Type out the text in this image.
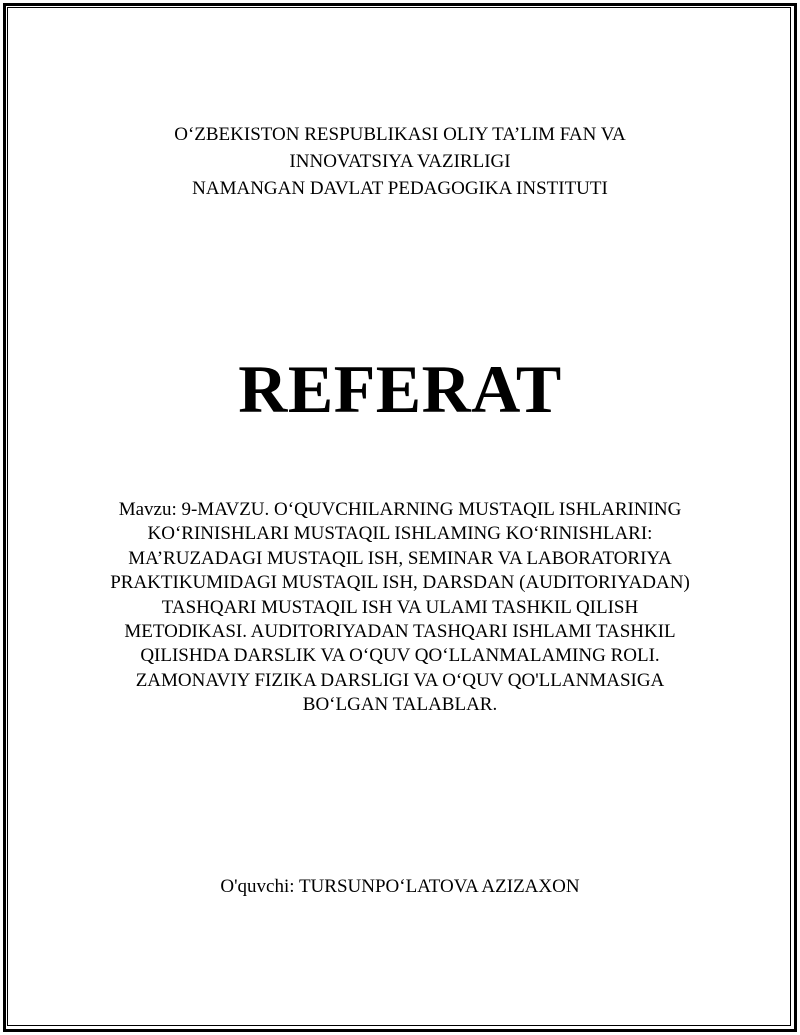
O‘ZBEKISTON RESPUBLIKASI OLIY TA’LIM FAN VA
INNOVATSIYA VAZIRLIGI
NAMANGAN DAVLAT PEDAGOGIKA INSTITUTI
REFERAT
Mavzu: 9-MAVZU. O‘QUVCHILARNING MUSTAQIL ISHLARINING KO‘RINISHLARI MUSTAQIL ISHLAMING KO‘RINISHLARI: MA’RUZADAGI MUSTAQIL ISH, SEMINAR VA LABORATORIYA PRAKTIKUMIDAGI MUSTAQIL ISH, DARSDAN (AUDITORIYADAN) TASHQARI MUSTAQIL ISH VA ULAMI TASHKIL QILISH METODIKASI. AUDITORIYADAN TASHQARI ISHLAMI TASHKIL QILISHDA DARSLIK VA O‘QUV QO‘LLANMALAMING ROLI. ZAMONAVIY FIZIKA DARSLIGI VA O‘QUV QO'LLANMASIGA BO‘LGAN TALABLAR.
O'quvchi: TURSUNPO‘LATOVA AZIZAXON
